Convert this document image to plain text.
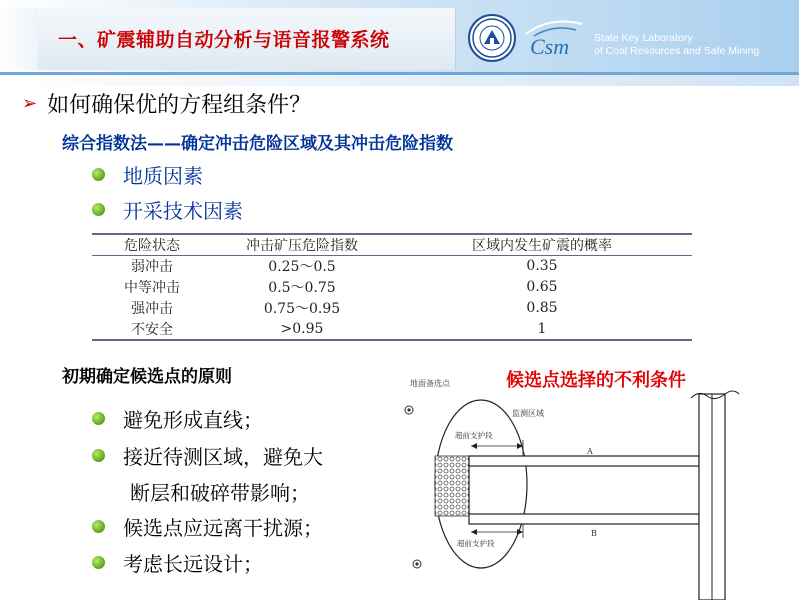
一、矿震辅助自动分析与语音报警系统	Csm State Key Laboratory
of Coal Resources and Safe Mining
➢ 如何确保优的方程组条件？
综合指数法——确定冲击危险区域及其冲击危险指数
地质因素
开采技术因素
危险状态	冲击矿压危险指数	区域内发生矿震的概率
弱冲击	0.25～0.5	0.35
中等冲击	0.5～0.75	0.65
强冲击	0.75～0.95	0.85
不安全	>0.95	1
初期确定候选点的原则	候选点选择的不利条件
避免形成直线；
接近待测区域，避免大
断层和破碎带影响；
候选点应远离干扰源；
考虑长远设计；
地面备选点
监测区域
超前支护段
超前支护段
A
B
